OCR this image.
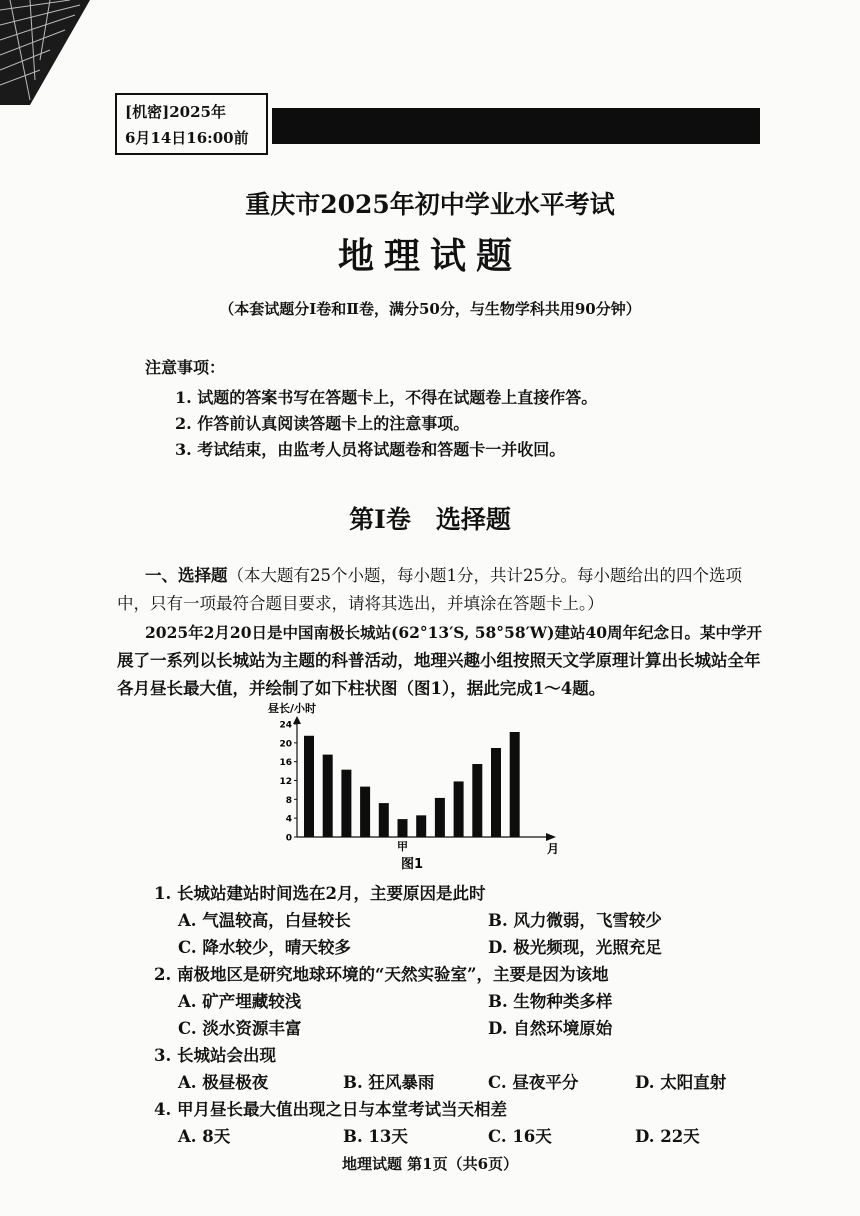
[机密]2025年
6月14日16:00前
重庆市2025年初中学业水平考试
地理试题
（本套试题分Ⅰ卷和Ⅱ卷，满分50分，与生物学科共用90分钟）
注意事项：
1. 试题的答案书写在答题卡上，不得在试题卷上直接作答。
2. 作答前认真阅读答题卡上的注意事项。
3. 考试结束，由监考人员将试题卷和答题卡一并收回。
第Ⅰ卷　选择题
一、选择题（本大题有25个小题，每小题1分，共计25分。每小题给出的四个选项
中，只有一项最符合题目要求，请将其选出，并填涂在答题卡上。）
2025年2月20日是中国南极长城站(62°13′S, 58°58′W)建站40周年纪念日。某中学开
展了一系列以长城站为主题的科普活动，地理兴趣小组按照天文学原理计算出长城站全年
各月昼长最大值，并绘制了如下柱状图（图1），据此完成1～4题。
昼长/小时
0
4
8
12
16
20
24
甲	月
图1
1. 长城站建站时间选在2月，主要原因是此时
A. 气温较高，白昼较长	B. 风力微弱，飞雪较少
C. 降水较少，晴天较多	D. 极光频现，光照充足
2. 南极地区是研究地球环境的“天然实验室”，主要是因为该地
A. 矿产埋藏较浅	B. 生物种类多样
C. 淡水资源丰富	D. 自然环境原始
3. 长城站会出现
A. 极昼极夜	B. 狂风暴雨	C. 昼夜平分	D. 太阳直射
4. 甲月昼长最大值出现之日与本堂考试当天相差
A. 8天	B. 13天	C. 16天	D. 22天
地理试题 第1页（共6页）
